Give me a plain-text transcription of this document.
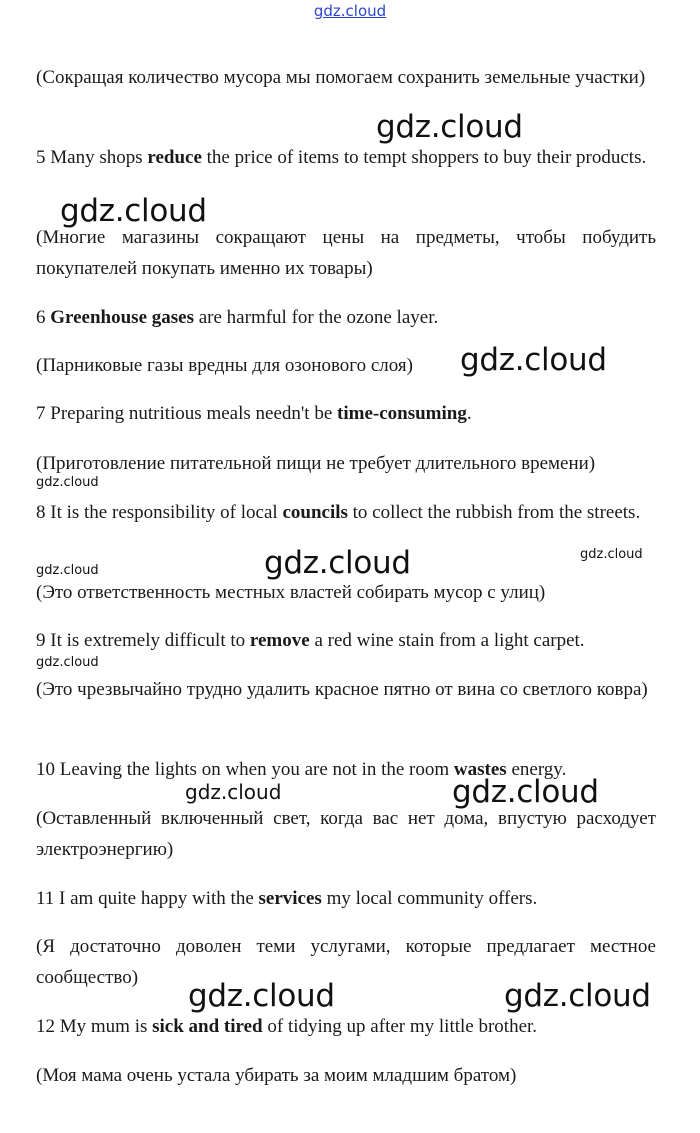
gdz.cloud

(Сокращая количество мусора мы помогаем сохранить земельные участки)

5 Many shops reduce the price of items to tempt shoppers to buy their products.

(Многие магазины сокращают цены на предметы, чтобы побудить покупателей покупать именно их товары)

6 Greenhouse gases are harmful for the ozone layer.

(Парниковые газы вредны для озонового слоя)

7 Preparing nutritious meals needn't be time-consuming.

(Приготовление питательной пищи не требует длительного времени)

8 It is the responsibility of local councils to collect the rubbish from the streets.

(Это ответственность местных властей собирать мусор с улиц)

9 It is extremely difficult to remove a red wine stain from a light carpet.

(Это чрезвычайно трудно удалить красное пятно от вина со светлого ковра)

10 Leaving the lights on when you are not in the room wastes energy.

(Оставленный включенный свет, когда вас нет дома, впустую расходует электроэнергию)

11 I am quite happy with the services my local community offers.

(Я достаточно доволен теми услугами, которые предлагает местное сообщество)

12 My mum is sick and tired of tidying up after my little brother.

(Моя мама очень устала убирать за моим младшим братом)

gdz.cloud
gdz.cloud
gdz.cloud
gdz.cloud
gdz.cloud	gdz.cloud
gdz.cloud
gdz.cloud
gdz.cloud	gdz.cloud
gdz.cloud	gdz.cloud
